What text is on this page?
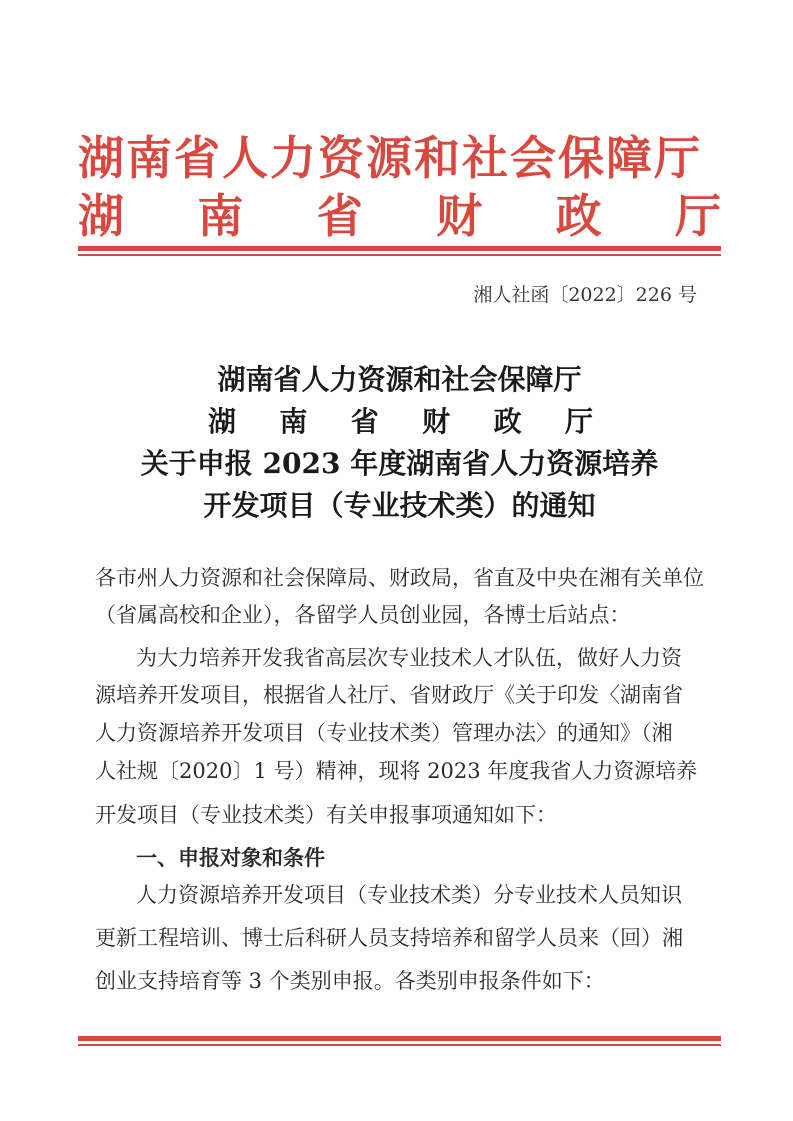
湖南省人力资源和社会保障厅
湖 南 省 财 政 厅
湘人社函〔2022〕226 号
湖南省人力资源和社会保障厅
湖 南 省 财 政 厅
关于申报 2023 年度湖南省人力资源培养
开发项目（专业技术类）的通知
各市州人力资源和社会保障局、财政局，省直及中央在湘有关单位
（省属高校和企业），各留学人员创业园，各博士后站点：
为大力培养开发我省高层次专业技术人才队伍，做好人力资
源培养开发项目，根据省人社厅、省财政厅《关于印发〈湖南省
人力资源培养开发项目（专业技术类）管理办法〉的通知》（湘
人社规〔2020〕1 号）精神，现将 2023 年度我省人力资源培养
开发项目（专业技术类）有关申报事项通知如下：
一、申报对象和条件
人力资源培养开发项目（专业技术类）分专业技术人员知识
更新工程培训、博士后科研人员支持培养和留学人员来（回）湘
创业支持培育等 3 个类别申报。各类别申报条件如下：
